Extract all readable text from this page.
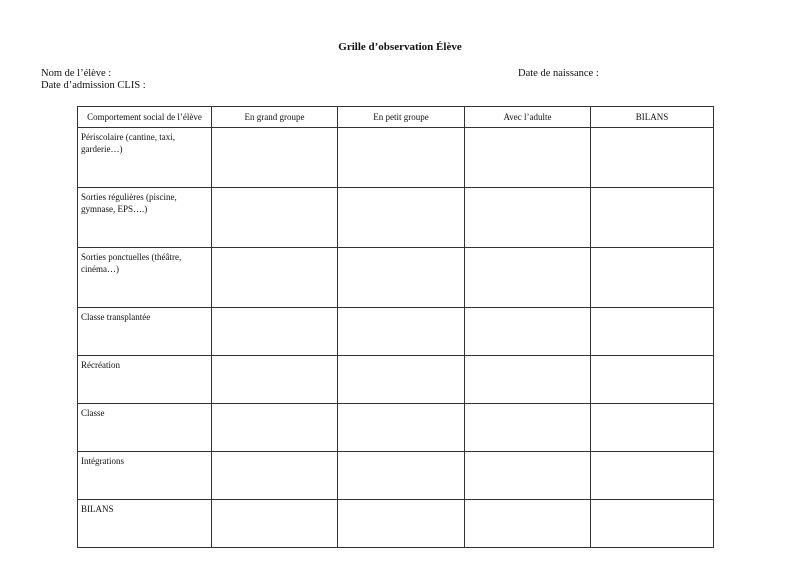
Grille d’observation Élève
Nom de l’élève :
Date d’admission CLIS :
Date de naissance :
Comportement social de l’élève	En grand groupe	En petit groupe	Avec l’adulte	BILANS
Périscolaire (cantine, taxi, garderie…)				
Sorties régulières (piscine, gymnase, EPS….)				
Sorties ponctuelles (théâtre, cinéma…)				
Classe transplantée				
Récréation				
Classe				
Intégrations				
BILANS				
